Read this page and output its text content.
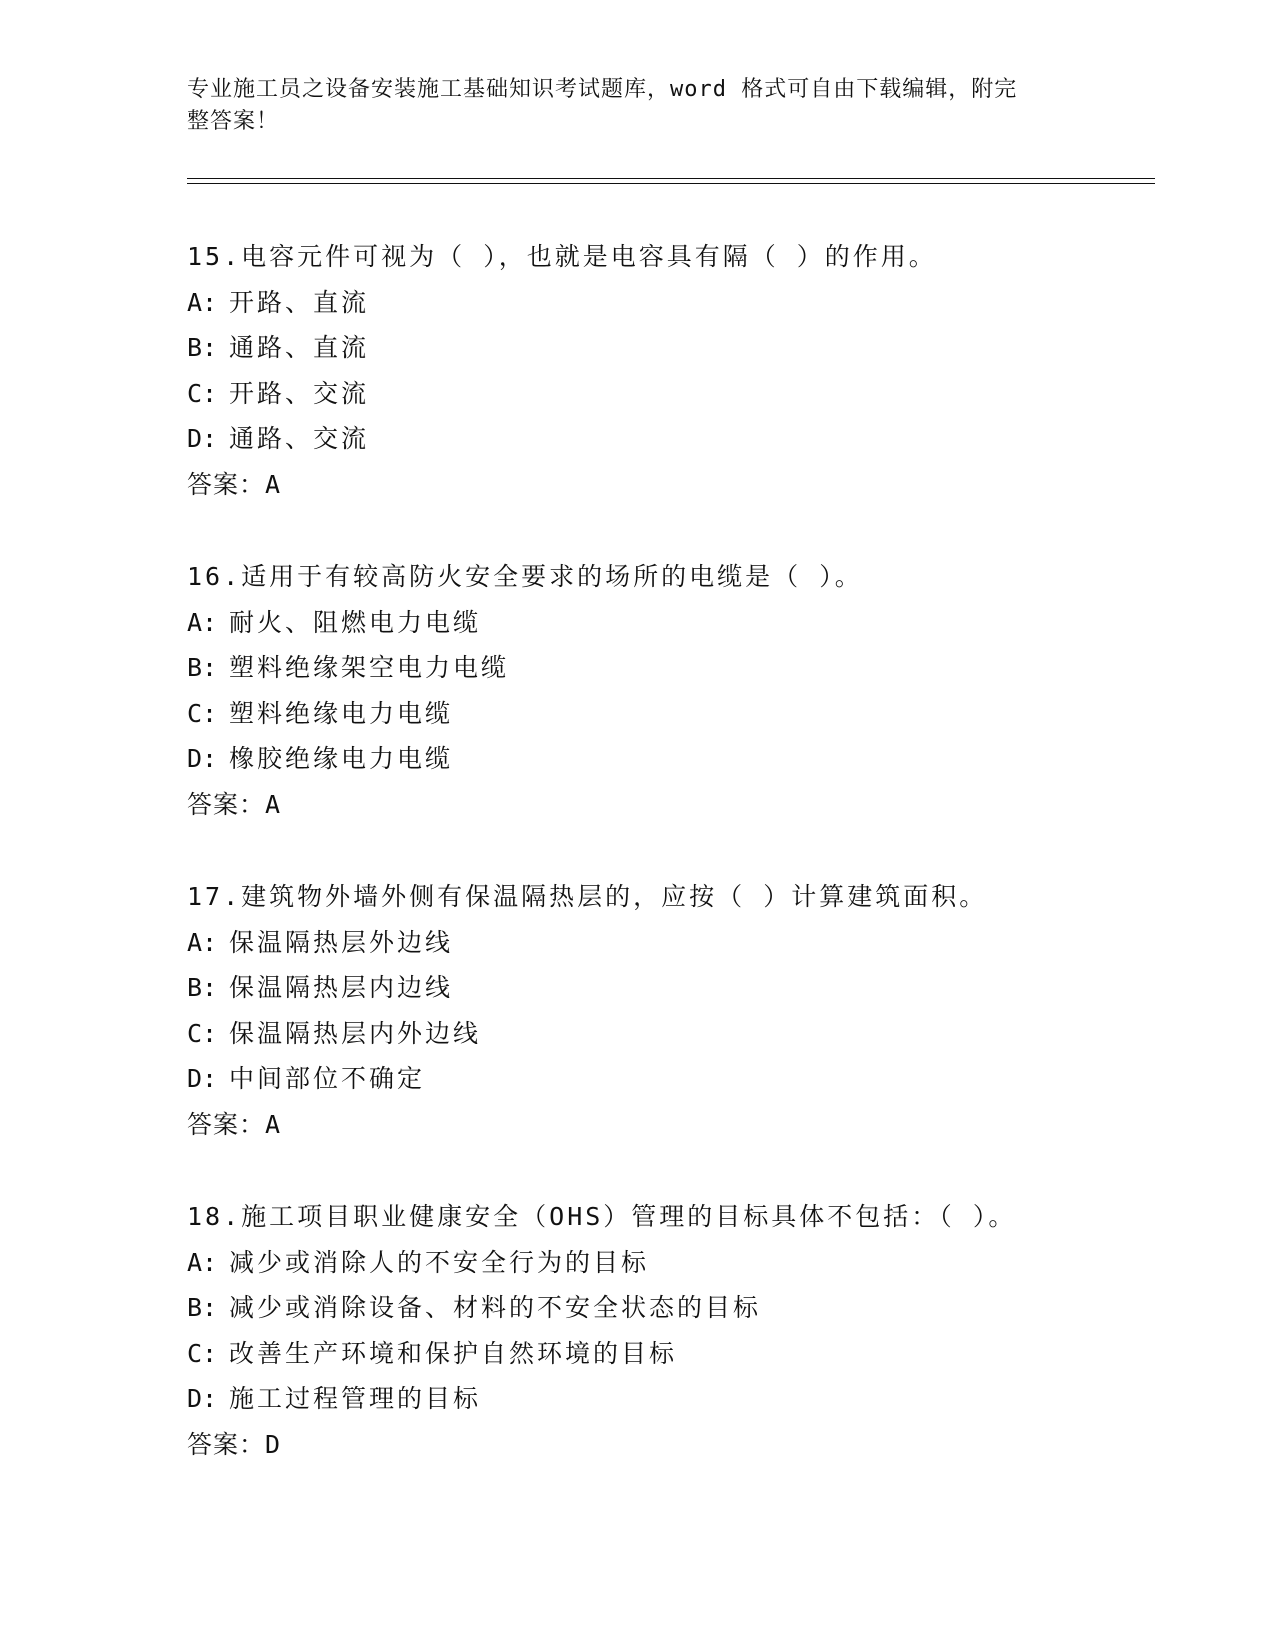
专业施工员之设备安装施工基础知识考试题库，word 格式可自由下载编辑，附完
整答案！
15.电容元件可视为（ ），也就是电容具有隔（ ）的作用。
A: 开路、直流
B: 通路、直流
C: 开路、交流
D: 通路、交流
答案：A
16.适用于有较高防火安全要求的场所的电缆是（ ）。
A: 耐火、阻燃电力电缆
B: 塑料绝缘架空电力电缆
C: 塑料绝缘电力电缆
D: 橡胶绝缘电力电缆
答案：A
17.建筑物外墙外侧有保温隔热层的，应按（ ）计算建筑面积。
A: 保温隔热层外边线
B: 保温隔热层内边线
C: 保温隔热层内外边线
D: 中间部位不确定
答案：A
18.施工项目职业健康安全（OHS）管理的目标具体不包括：（ ）。
A: 减少或消除人的不安全行为的目标
B: 减少或消除设备、材料的不安全状态的目标
C: 改善生产环境和保护自然环境的目标
D: 施工过程管理的目标
答案：D
